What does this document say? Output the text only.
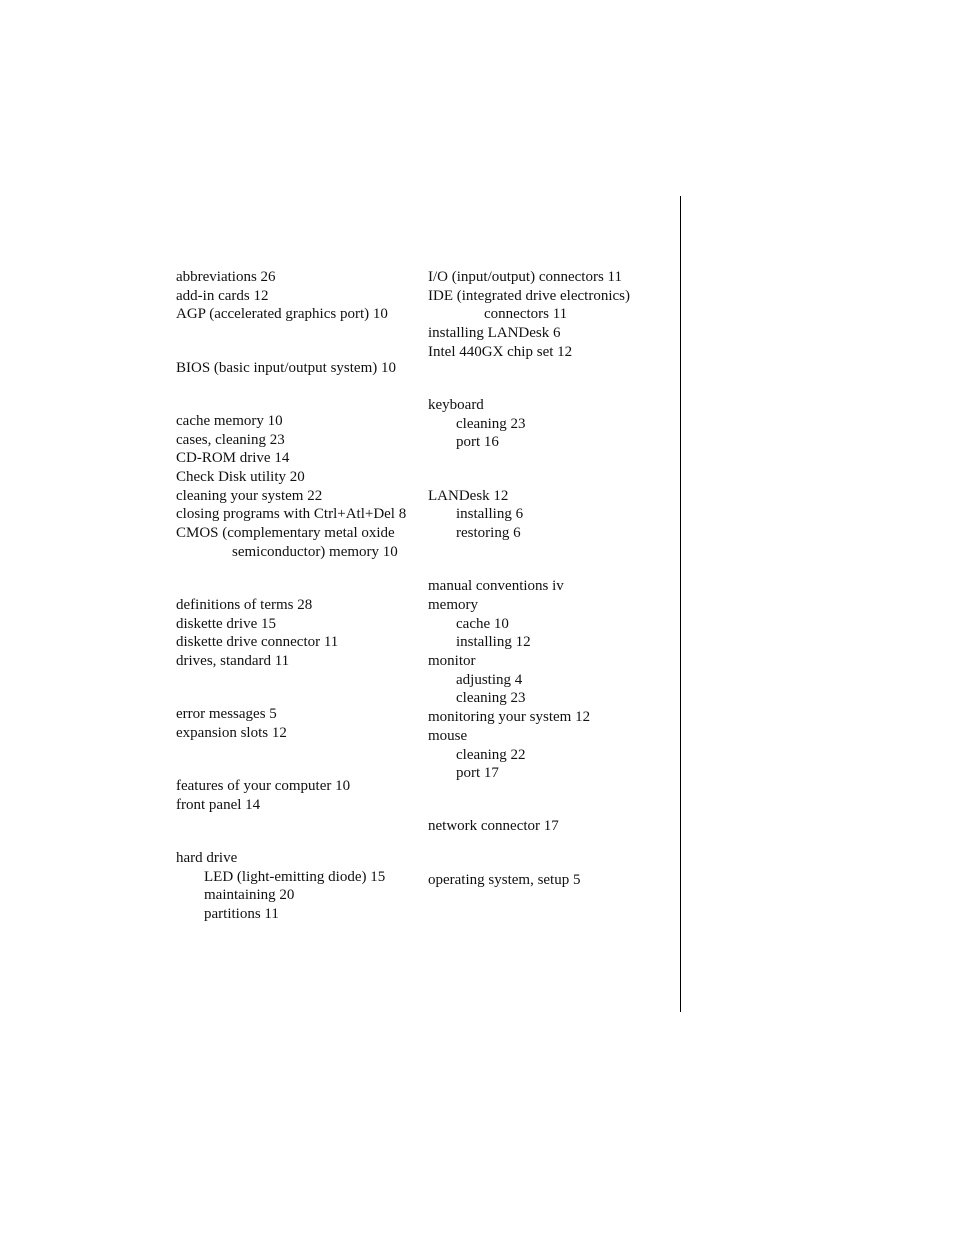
abbreviations 26
add-in cards 12
AGP (accelerated graphics port) 10
BIOS (basic input/output system) 10
cache memory 10
cases, cleaning 23
CD-ROM drive 14
Check Disk utility 20
cleaning your system 22
closing programs with Ctrl+Atl+Del 8
CMOS (complementary metal oxide
semiconductor) memory 10
definitions of terms 28
diskette drive 15
diskette drive connector 11
drives, standard 11
error messages 5
expansion slots 12
features of your computer 10
front panel 14
hard drive
LED (light-emitting diode) 15
maintaining 20
partitions 11
I/O (input/output) connectors 11
IDE (integrated drive electronics)
connectors 11
installing LANDesk 6
Intel 440GX chip set 12
keyboard
cleaning 23
port 16
LANDesk 12
installing 6
restoring 6
manual conventions iv
memory
cache 10
installing 12
monitor
adjusting 4
cleaning 23
monitoring your system 12
mouse
cleaning 22
port 17
network connector 17
operating system, setup 5
